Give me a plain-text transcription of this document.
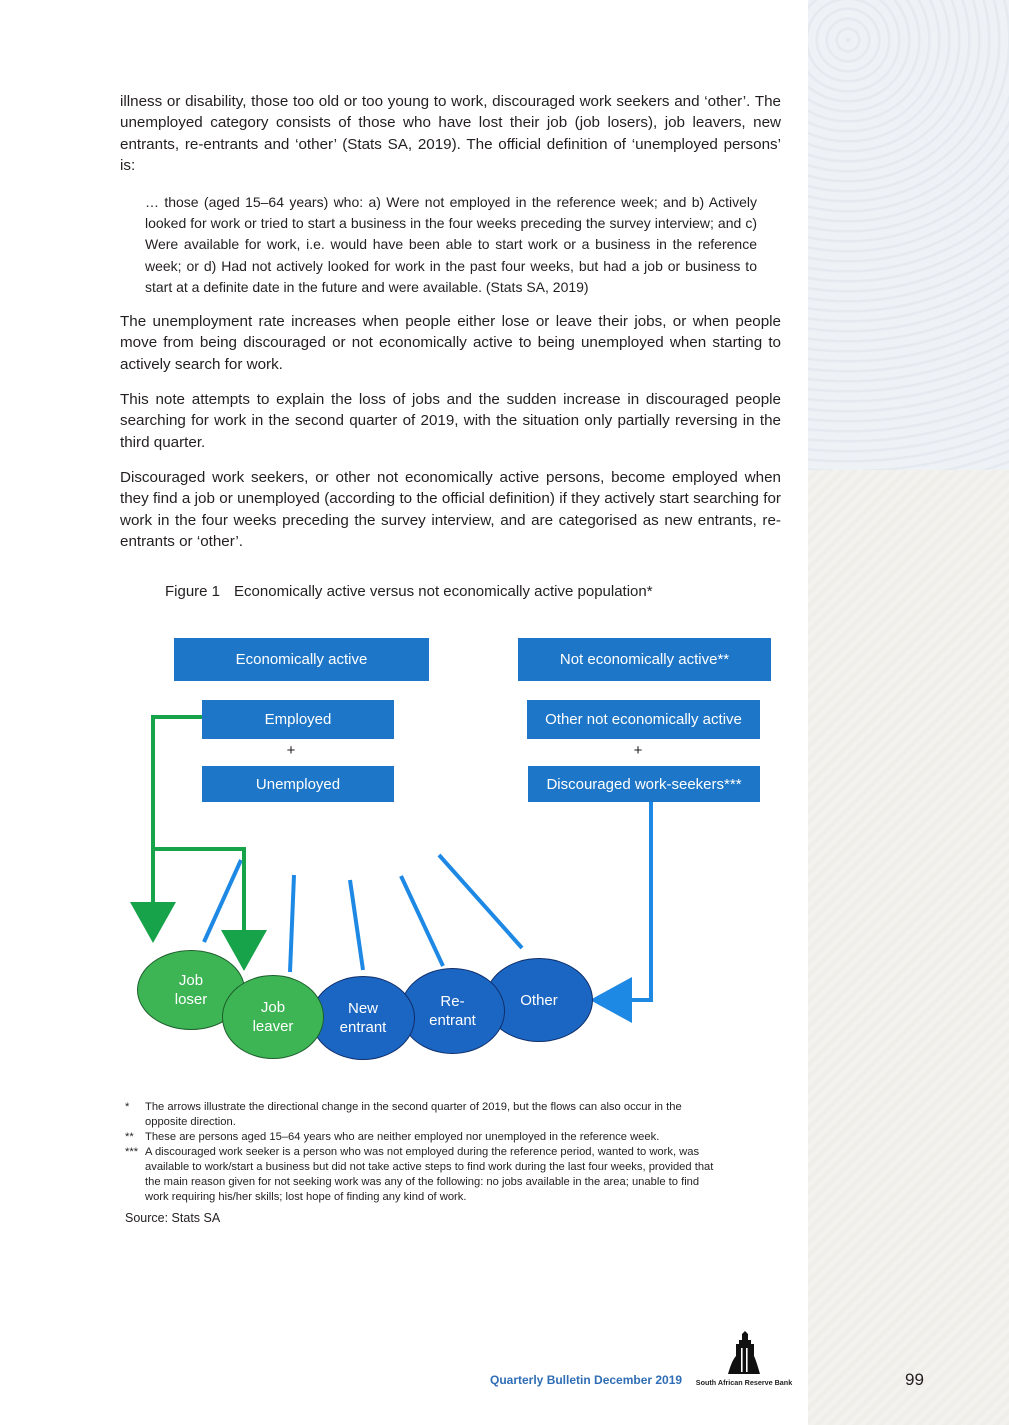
illness or disability, those too old or too young to work, discouraged work seekers and ‘other’. The unemployed category consists of those who have lost their job (job losers), job leavers, new entrants, re-entrants and ‘other’ (Stats SA, 2019). The official definition of ‘unemployed persons’ is:

… those (aged 15–64 years) who: a) Were not employed in the reference week; and b) Actively looked for work or tried to start a business in the four weeks preceding the survey interview; and c) Were available for work, i.e. would have been able to start work or a business in the reference week; or d) Had not actively looked for work in the past four weeks, but had a job or business to start at a definite date in the future and were available. (Stats SA, 2019)

The unemployment rate increases when people either lose or leave their jobs, or when people move from being discouraged or not economically active to being unemployed when starting to actively search for work.

This note attempts to explain the loss of jobs and the sudden increase in discouraged people searching for work in the second quarter of 2019, with the situation only partially reversing in the third quarter.

Discouraged work seekers, or other not economically active persons, become employed when they find a job or unemployed (according to the official definition) if they actively start searching for work in the four weeks preceding the survey interview, and are categorised as new entrants, re-entrants or ‘other’.

Figure 1 Economically active versus not economically active population*
Economically active	Not economically active**
Employed	Other not economically active
+	+
Unemployed	Discouraged work-seekers***
Job
loser	Other
Re-
entrant
New
entrant
Job
leaver

* The arrows illustrate the directional change in the second quarter of 2019, but the flows can also occur in the opposite direction.

** These are persons aged 15–64 years who are neither employed nor unemployed in the reference week.

*** A discouraged work seeker is a person who was not employed during the reference period, wanted to work, was available to work/start a business but did not take active steps to find work during the last four weeks, provided that the main reason given for not seeking work was any of the following: no jobs available in the area; unable to find work requiring his/her skills; lost hope of finding any kind of work.

Source: Stats SA
Quarterly Bulletin December 2019 South African Reserve Bank	99
